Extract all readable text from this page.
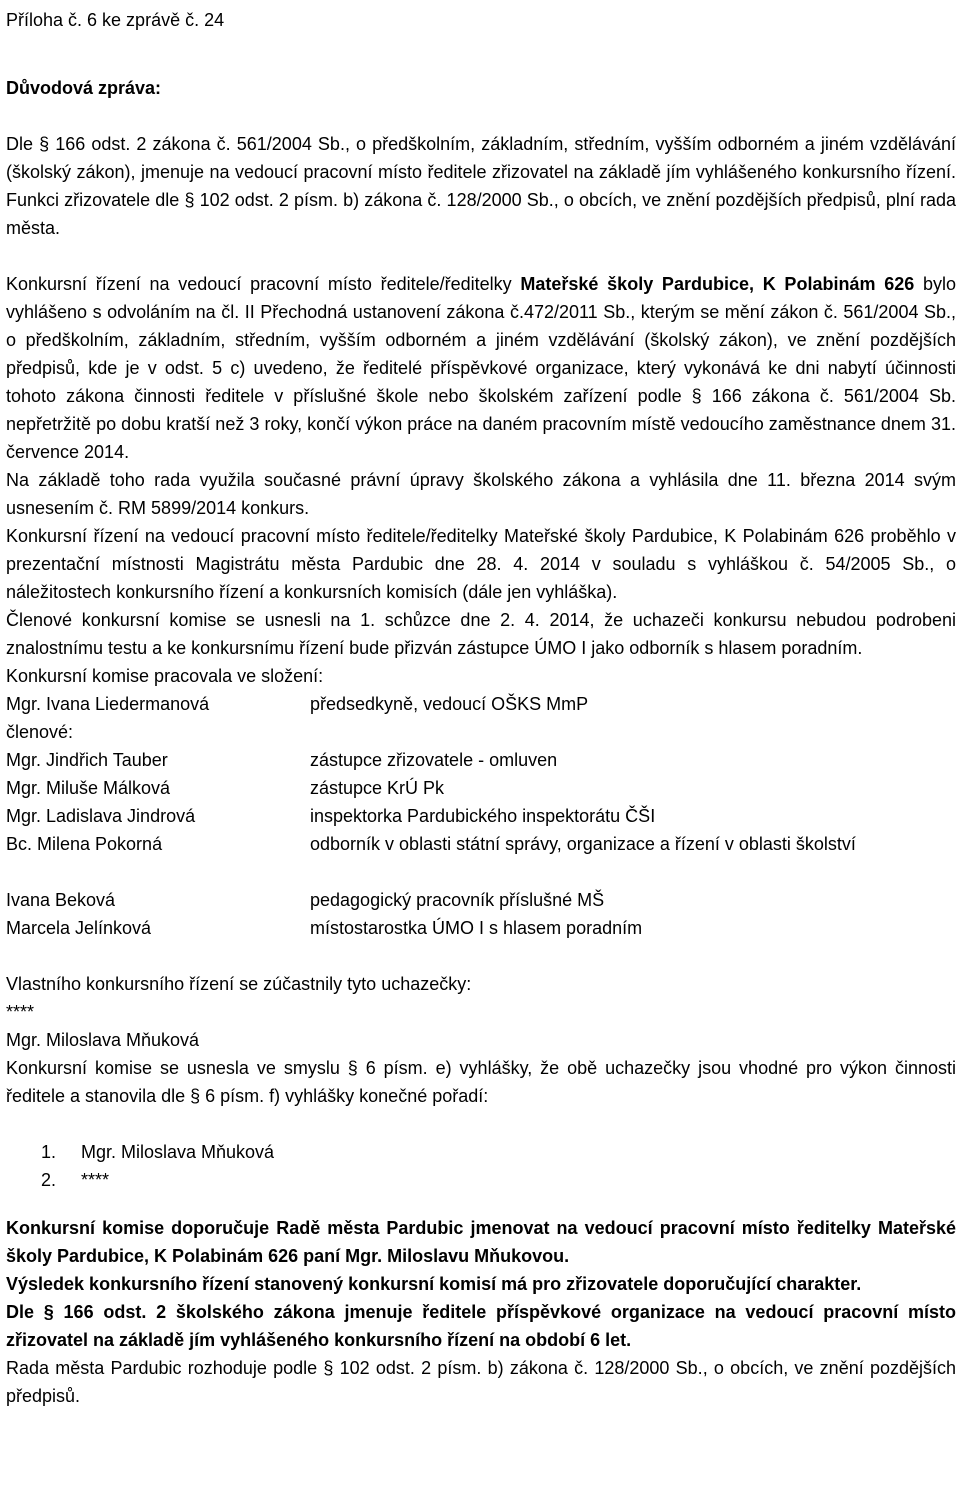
Příloha č. 6 ke zprávě č. 24
Důvodová zpráva:

Dle § 166 odst. 2 zákona č. 561/2004 Sb., o předškolním, základním, středním, vyšším odborném a jiném vzdělávání (školský zákon), jmenuje na vedoucí pracovní místo ředitele zřizovatel na základě jím vyhlášeného konkursního řízení. Funkci zřizovatele dle § 102 odst. 2 písm. b) zákona č. 128/2000 Sb., o obcích, ve znění pozdějších předpisů, plní rada města.

Konkursní řízení na vedoucí pracovní místo ředitele/ředitelky Mateřské školy Pardubice, K Polabinám 626 bylo vyhlášeno s odvoláním na čl. II Přechodná ustanovení zákona č.472/2011 Sb., kterým se mění zákon č. 561/2004 Sb., o předškolním, základním, středním, vyšším odborném a jiném vzdělávání (školský zákon), ve znění pozdějších předpisů, kde je v odst. 5 c) uvedeno, že ředitelé příspěvkové organizace, který vykonává ke dni nabytí účinnosti tohoto zákona činnosti ředitele v příslušné škole nebo školském zařízení podle § 166 zákona č. 561/2004 Sb. nepřetržitě po dobu kratší než 3 roky, končí výkon práce na daném pracovním místě vedoucího zaměstnance dnem 31. července 2014.

Na základě toho rada využila současné právní úpravy školského zákona a vyhlásila dne 11. března 2014 svým usnesením č. RM 5899/2014 konkurs.

Konkursní řízení na vedoucí pracovní místo ředitele/ředitelky Mateřské školy Pardubice, K Polabinám 626 proběhlo v prezentační místnosti Magistrátu města Pardubic dne 28. 4. 2014 v souladu s vyhláškou č. 54/2005 Sb., o náležitostech konkursního řízení a konkursních komisích (dále jen vyhláška).

Členové konkursní komise se usnesli na 1. schůzce dne 2. 4. 2014, že uchazeči konkursu nebudou podrobeni znalostnímu testu a ke konkursnímu řízení bude přizván zástupce ÚMO I jako odborník s hlasem poradním.

Konkursní komise pracovala ve složení:
Mgr. Ivana Liedermanová	předsedkyně, vedoucí OŠKS MmP
členové:
Mgr. Jindřich Tauber	zástupce zřizovatele - omluven
Mgr. Miluše Málková	zástupce KrÚ Pk
Mgr. Ladislava Jindrová	inspektorka Pardubického inspektorátu ČŠI
Bc. Milena Pokorná	odborník v oblasti státní správy, organizace a řízení v oblasti školství
Ivana Beková	pedagogický pracovník příslušné MŠ
Marcela Jelínková	místostarostka ÚMO I s hlasem poradním
Vlastního konkursního řízení se zúčastnily tyto uchazečky:
****
Mgr. Miloslava Mňuková

Konkursní komise se usnesla ve smyslu § 6 písm. e) vyhlášky, že obě uchazečky jsou vhodné pro výkon činnosti ředitele a stanovila dle § 6 písm. f) vyhlášky konečné pořadí:

1.	Mgr. Miloslava Mňuková
2.	****

Konkursní komise doporučuje Radě města Pardubic jmenovat na vedoucí pracovní místo ředitelky Mateřské školy Pardubice, K Polabinám 626 paní Mgr. Miloslavu Mňukovou.

Výsledek konkursního řízení stanovený konkursní komisí má pro zřizovatele doporučující charakter.

Dle § 166 odst. 2 školského zákona jmenuje ředitele příspěvkové organizace na vedoucí pracovní místo zřizovatel na základě jím vyhlášeného konkursního řízení na období 6 let.

Rada města Pardubic rozhoduje podle § 102 odst. 2 písm. b) zákona č. 128/2000 Sb., o obcích, ve znění pozdějších předpisů.
